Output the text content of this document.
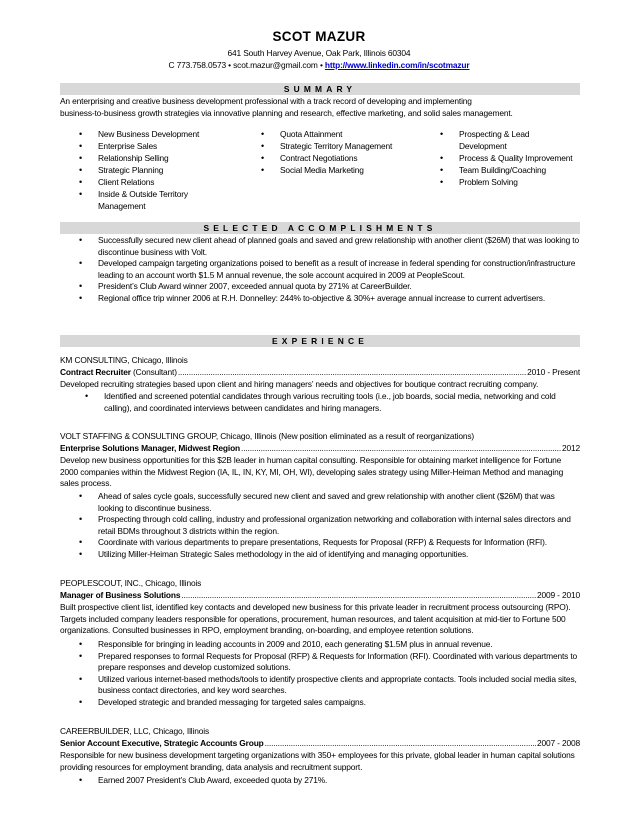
SCOT MAZUR
641 South Harvey Avenue, Oak Park, Illinois 60304
C 773.758.0573 • scot.mazur@gmail.com • http://www.linkedin.com/in/scotmazur
SUMMARY
An enterprising and creative business development professional with a track record of developing and implementing
business-to-business growth strategies via innovative planning and research, effective marketing, and solid sales management.
• New Business Development
• Enterprise Sales
• Relationship Selling
• Strategic Planning
• Client Relations
• Inside & Outside Territory Management
• Quota Attainment
• Strategic Territory Management
• Contract Negotiations
• Social Media Marketing
• Prospecting & Lead Development
• Process & Quality Improvement
• Team Building/Coaching
• Problem Solving
SELECTED ACCOMPLISHMENTS
• Successfully secured new client ahead of planned goals and saved and grew relationship with another client ($26M) that was looking to discontinue business with Volt.
• Developed campaign targeting organizations poised to benefit as a result of increase in federal spending for construction/infrastructure leading to an account worth $1.5 M annual revenue, the sole account acquired in 2009 at PeopleScout.
• President’s Club Award winner 2007, exceeded annual quota by 271% at CareerBuilder.
• Regional office trip winner 2006 at R.H. Donnelley: 244% to-objective & 30%+ average annual increase to current advertisers.
EXPERIENCE
KM CONSULTING, Chicago, Illinois
Contract Recruiter (Consultant) .....	2010 - Present
Developed recruiting strategies based upon client and hiring managers’ needs and objectives for boutique contract recruiting company.
• Identified and screened potential candidates through various recruiting tools (i.e., job boards, social media, networking and cold calling), and coordinated interviews between candidates and hiring managers.
VOLT STAFFING & CONSULTING GROUP, Chicago, Illinois (New position eliminated as a result of reorganizations)
Enterprise Solutions Manager, Midwest Region .....	2012
Develop new business opportunities for this $2B leader in human capital consulting. Responsible for obtaining market intelligence for Fortune 2000 companies within the Midwest Region (IA, IL, IN, KY, MI, OH, WI), developing sales strategy using Miller-Heiman Method and managing sales process.
• Ahead of sales cycle goals, successfully secured new client and saved and grew relationship with another client ($26M) that was looking to discontinue business.
• Prospecting through cold calling, industry and professional organization networking and collaboration with internal sales directors and retail BDMs throughout 3 districts within the region.
• Coordinate with various departments to prepare presentations, Requests for Proposal (RFP) & Requests for Information (RFI).
• Utilizing Miller-Heiman Strategic Sales methodology in the aid of identifying and managing opportunities.
PEOPLESCOUT, INC., Chicago, Illinois
Manager of Business Solutions .....	2009 - 2010
Built prospective client list, identified key contacts and developed new business for this private leader in recruitment process outsourcing (RPO). Targets included company leaders responsible for operations, procurement, human resources, and talent acquisition at mid-tier to Fortune 500 organizations. Consulted businesses in RPO, employment branding, on-boarding, and employee retention solutions.
• Responsible for bringing in leading accounts in 2009 and 2010, each generating $1.5M plus in annual revenue.
• Prepared responses to formal Requests for Proposal (RFP) & Requests for Information (RFI). Coordinated with various departments to prepare responses and develop customized solutions.
• Utilized various internet-based methods/tools to identify prospective clients and appropriate contacts. Tools included social media sites, business contact directories, and key word searches.
• Developed strategic and branded messaging for targeted sales campaigns.
CAREERBUILDER, LLC, Chicago, Illinois
Senior Account Executive, Strategic Accounts Group .....	2007 - 2008
Responsible for new business development targeting organizations with 350+ employees for this private, global leader in human capital solutions providing resources for employment branding, data analysis and recruitment support.
• Earned 2007 President’s Club Award, exceeded quota by 271%.
